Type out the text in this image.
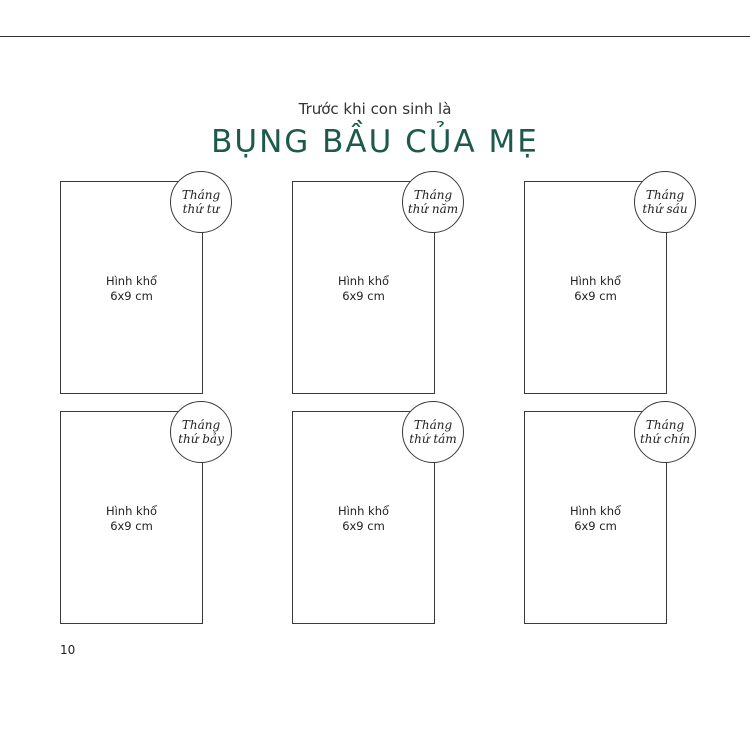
Trước khi con sinh là
BỤNG BẦU CỦA MẸ
Hình khổ
6x9 cm
Tháng
thứ tư
Hình khổ
6x9 cm
Tháng
thứ năm
Hình khổ
6x9 cm
Tháng
thứ sáu
Hình khổ
6x9 cm
Tháng
thứ bảy
Hình khổ
6x9 cm
Tháng
thứ tám
Hình khổ
6x9 cm
Tháng
thứ chín
10
